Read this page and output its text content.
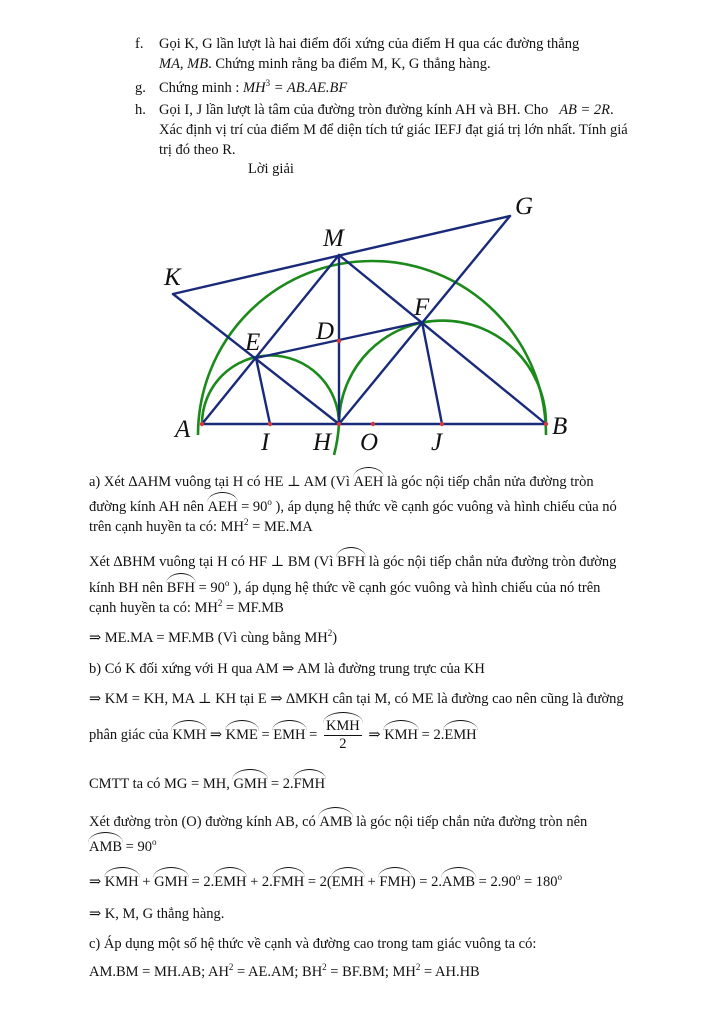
f. Gọi K, G lần lượt là hai điểm đối xứng của điểm H qua các đường thẳng
MA, MB. Chứng minh rằng ba điểm M, K, G thẳng hàng.
g. Chứng minh : $MH^3 = AB.AE.BF$
h. Gọi I, J lần lượt là tâm của đường tròn đường kính AH và BH. Cho AB = 2R.
Xác định vị trí của điểm M để diện tích tứ giác IEFJ đạt giá trị lớn nhất. Tính giá
trị đó theo R.
Lời giải
G
M
K
F
D
E
A	I H O J
B
a) Xét ∆AHM vuông tại H có HE ⊥ AM (Vì AEH là góc nội tiếp chắn nửa đường tròn
đường kính AH nên AEH = $90^o$ ), áp dụng hệ thức về cạnh góc vuông và hình chiếu của nó
trên cạnh huyền ta có: $MH^2 = ME.MA$
Xét ∆BHM vuông tại H có HF ⊥ BM (Vì BFH là góc nội tiếp chắn nửa đường tròn đường
kính BH nên BFH = $90^o$ ), áp dụng hệ thức về cạnh góc vuông và hình chiếu của nó trên
cạnh huyền ta có: $MH^2 = MF.MB$
⇒ ME.MA = MF.MB (Vì cùng bằng $MH^2$)
b) Có K đối xứng với H qua AM ⇒ AM là đường trung trực của KH
⇒ KM = KH, MA ⊥ KH tại E ⇒ ∆MKH cân tại M, có ME là đường cao nên cũng là đường
phân giác của KMH ⇒ KME = EMH = $\frac{\text{KMH}}{2}$ ⇒ KMH = 2.EMH
CMTT ta có MG = MH, GMH = 2.FMH
Xét đường tròn (O) đường kính AB, có AMB là góc nội tiếp chắn nửa đường tròn nên
AMB = $90^o$
⇒ KMH + GMH = $2.EMH + 2.FMH = 2(EMH + FMH) = 2.AMB = 2.90^o = 180^o$
⇒ K, M, G thẳng hàng.
c) Áp dụng một số hệ thức về cạnh và đường cao trong tam giác vuông ta có:
AM.BM = MH.AB; $AH^2 = AE.AM$; $BH^2 = BF.BM$; $MH^2 = AH.HB$
